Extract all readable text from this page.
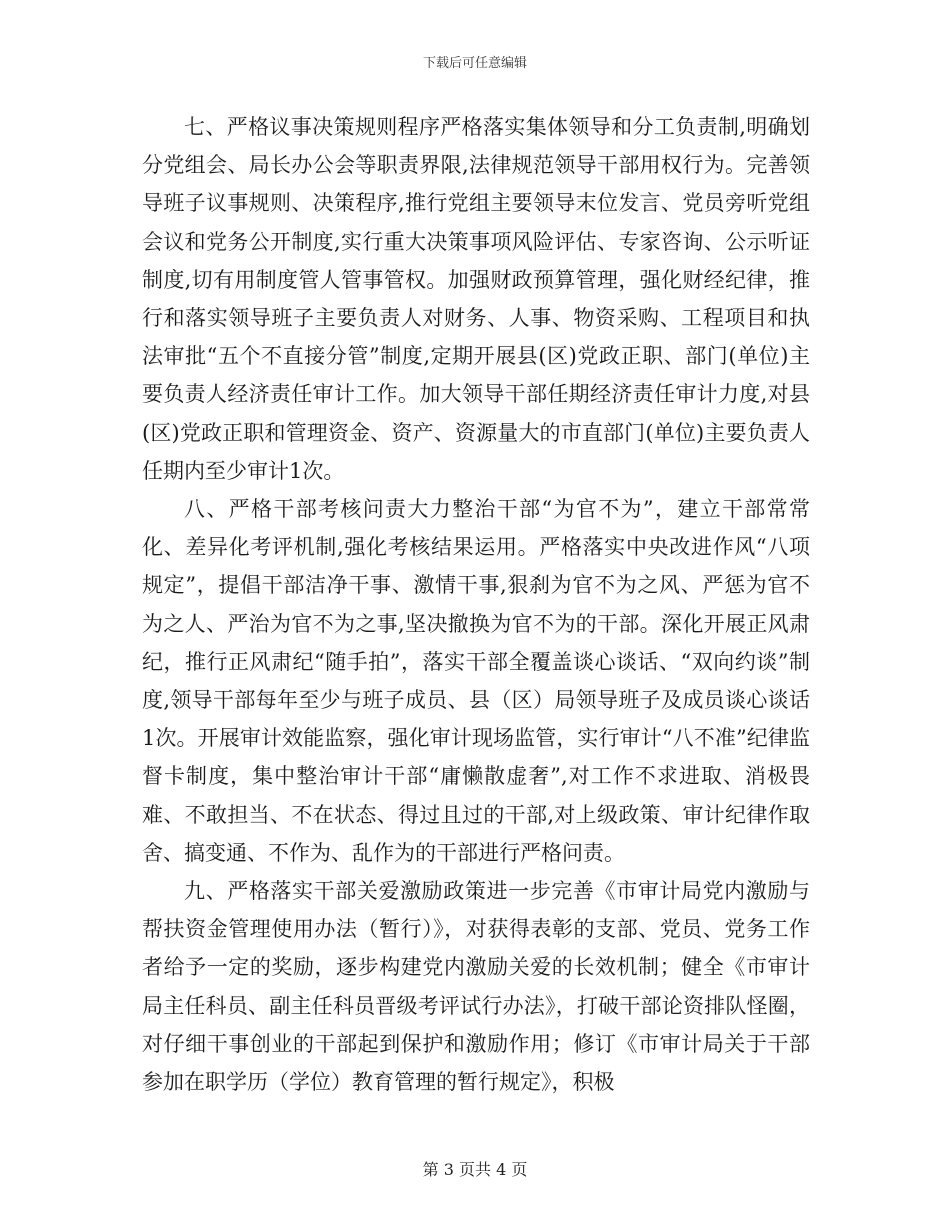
下载后可任意编辑

七、严格议事决策规则程序严格落实集体领导和分工负责制,明确划分党组会、局长办公会等职责界限,法律规范领导干部用权行为。完善领导班子议事规则、决策程序,推行党组主要领导末位发言、党员旁听党组会议和党务公开制度,实行重大决策事项风险评估、专家咨询、公示听证制度,切有用制度管人管事管权。加强财政预算管理，强化财经纪律，推行和落实领导班子主要负责人对财务、人事、物资采购、工程项目和执法审批“五个不直接分管”制度,定期开展县(区)党政正职、部门(单位)主要负责人经济责任审计工作。加大领导干部任期经济责任审计力度,对县(区)党政正职和管理资金、资产、资源量大的市直部门(单位)主要负责人任期内至少审计1次。

八、严格干部考核问责大力整治干部“为官不为”，建立干部常常化、差异化考评机制,强化考核结果运用。严格落实中央改进作风“八项规定”，提倡干部洁净干事、激情干事,狠刹为官不为之风、严惩为官不为之人、严治为官不为之事,坚决撤换为官不为的干部。深化开展正风肃纪，推行正风肃纪“随手拍”，落实干部全覆盖谈心谈话、“双向约谈”制度,领导干部每年至少与班子成员、县（区）局领导班子及成员谈心谈话1次。开展审计效能监察，强化审计现场监管，实行审计“八不准”纪律监督卡制度，集中整治审计干部“庸懒散虚奢”,对工作不求进取、消极畏难、不敢担当、不在状态、得过且过的干部,对上级政策、审计纪律作取舍、搞变通、不作为、乱作为的干部进行严格问责。

九、严格落实干部关爱激励政策进一步完善《市审计局党内激励与帮扶资金管理使用办法（暂行）》，对获得表彰的支部、党员、党务工作者给予一定的奖励，逐步构建党内激励关爱的长效机制；健全《市审计局主任科员、副主任科员晋级考评试行办法》，打破干部论资排队怪圈，对仔细干事创业的干部起到保护和激励作用；修订《市审计局关于干部参加在职学历（学位）教育管理的暂行规定》，积极

第 3 页共 4 页
